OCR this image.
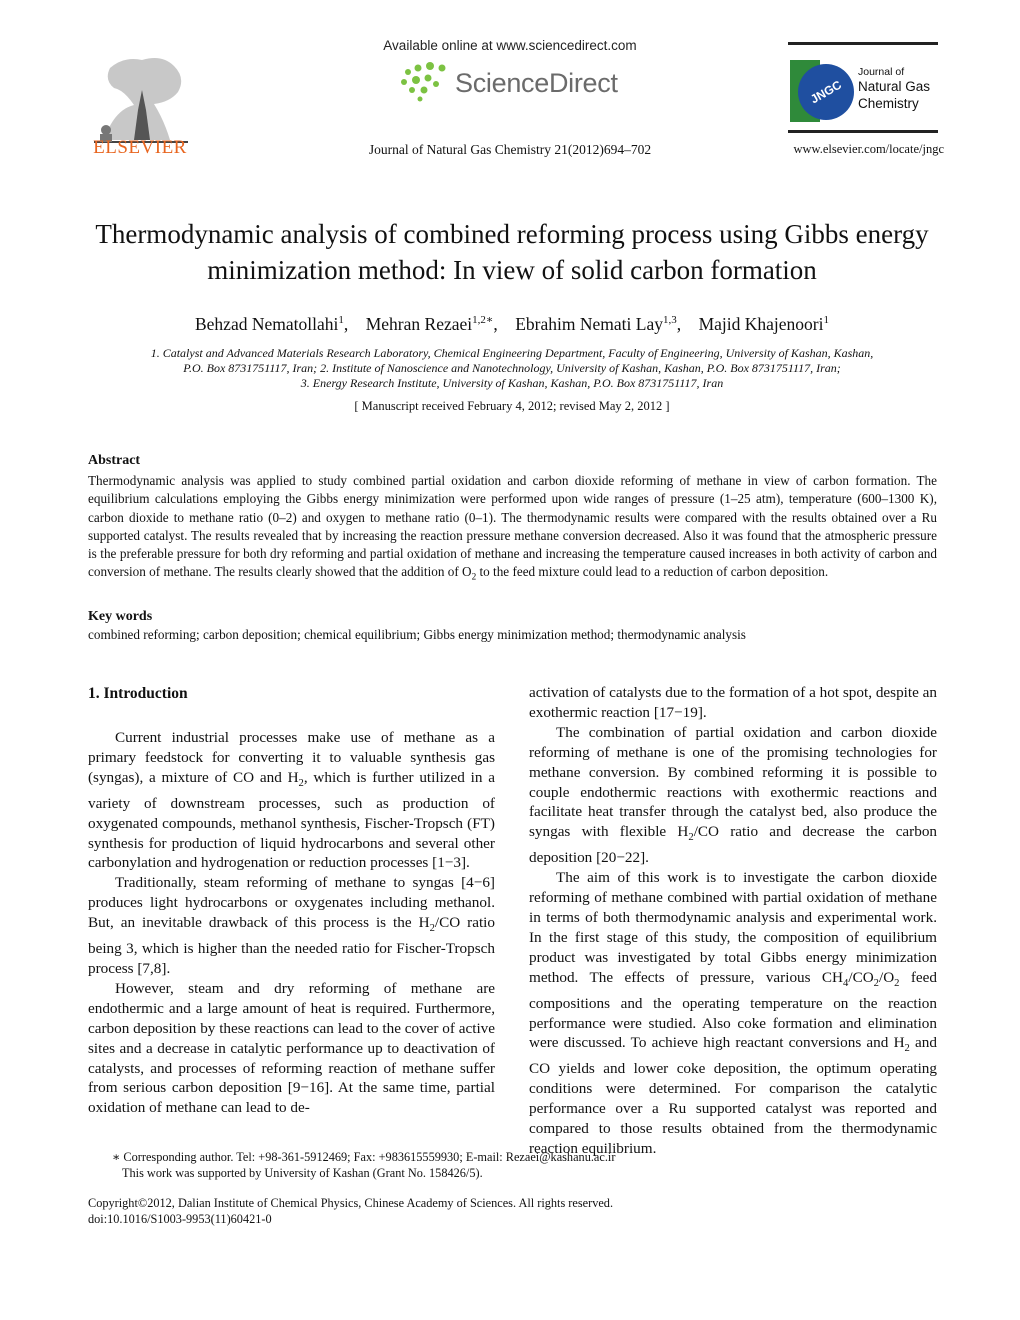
ELSEVIER
Available online at www.sciencedirect.com
ScienceDirect
Journal of Natural Gas Chemistry 21(2012)694–702
JNGC
Journal of
Natural Gas
Chemistry
www.elsevier.com/locate/jngc
Thermodynamic analysis of combined reforming process using Gibbs energy minimization method: In view of solid carbon formation
Behzad Nematollahi$^1$,    Mehran Rezaei$^{1,2∗}$,    Ebrahim Nemati Lay$^{1,3}$,    Majid Khajenoori$^1$
1. Catalyst and Advanced Materials Research Laboratory, Chemical Engineering Department, Faculty of Engineering, University of Kashan, Kashan,
P.O. Box 8731751117, Iran; 2. Institute of Nanoscience and Nanotechnology, University of Kashan, Kashan, P.O. Box 8731751117, Iran;
3. Energy Research Institute, University of Kashan, Kashan, P.O. Box 8731751117, Iran
[ Manuscript received February 4, 2012; revised May 2, 2012 ]
Abstract
Thermodynamic analysis was applied to study combined partial oxidation and carbon dioxide reforming of methane in view of carbon formation. The equilibrium calculations employing the Gibbs energy minimization were performed upon wide ranges of pressure (1–25 atm), temperature (600–1300 K), carbon dioxide to methane ratio (0–2) and oxygen to methane ratio (0–1). The thermodynamic results were compared with the results obtained over a Ru supported catalyst. The results revealed that by increasing the reaction pressure methane conversion decreased. Also it was found that the atmospheric pressure is the preferable pressure for both dry reforming and partial oxidation of methane and increasing the temperature caused increases in both activity of carbon and conversion of methane. The results clearly showed that the addition of $O_2$ to the feed mixture could lead to a reduction of carbon deposition.
Key words
combined reforming; carbon deposition; chemical equilibrium; Gibbs energy minimization method; thermodynamic analysis
1. Introduction

Current industrial processes make use of methane as a primary feedstock for converting it to valuable synthesis gas (syngas), a mixture of CO and $H_2$, which is further utilized in a variety of downstream processes, such as production of oxygenated compounds, methanol synthesis, Fischer-Tropsch (FT) synthesis for production of liquid hydrocarbons and several other carbonylation and hydrogenation or reduction processes [1−3].

Traditionally, steam reforming of methane to syngas [4−6] produces light hydrocarbons or oxygenates including methanol. But, an inevitable drawback of this process is the $H_2/CO$ ratio being 3, which is higher than the needed ratio for Fischer-Tropsch process [7,8].

However, steam and dry reforming of methane are endothermic and a large amount of heat is required. Furthermore, carbon deposition by these reactions can lead to the cover of active sites and a decrease in catalytic performance up to deactivation of catalysts, and processes of reforming reaction of methane suffer from serious carbon deposition [9−16]. At the same time, partial oxidation of methane can lead to de-

activation of catalysts due to the formation of a hot spot, despite an exothermic reaction [17−19].

The combination of partial oxidation and carbon dioxide reforming of methane is one of the promising technologies for methane conversion. By combined reforming it is possible to couple endothermic reactions with exothermic reactions and facilitate heat transfer through the catalyst bed, also produce the syngas with flexible $H_2/CO$ ratio and decrease the carbon deposition [20−22].

The aim of this work is to investigate the carbon dioxide reforming of methane combined with partial oxidation of methane in terms of both thermodynamic analysis and experimental work. In the first stage of this study, the composition of equilibrium product was investigated by total Gibbs energy minimization method. The effects of pressure, various $CH_4/CO_2/O_2$ feed compositions and the operating temperature on the reaction performance were studied. Also coke formation and elimination were discussed. To achieve high reactant conversions and $H_2$ and CO yields and lower coke deposition, the optimum operating conditions were determined. For comparison the catalytic performance over a Ru supported catalyst was reported and compared to those results obtained from the thermodynamic reaction equilibrium.

∗ Corresponding author. Tel: +98-361-5912469; Fax: +983615559930; E-mail: Rezaei@kashanu.ac.ir
This work was supported by University of Kashan (Grant No. 158426/5).
Copyright©2012, Dalian Institute of Chemical Physics, Chinese Academy of Sciences. All rights reserved.
doi:10.1016/S1003-9953(11)60421-0
